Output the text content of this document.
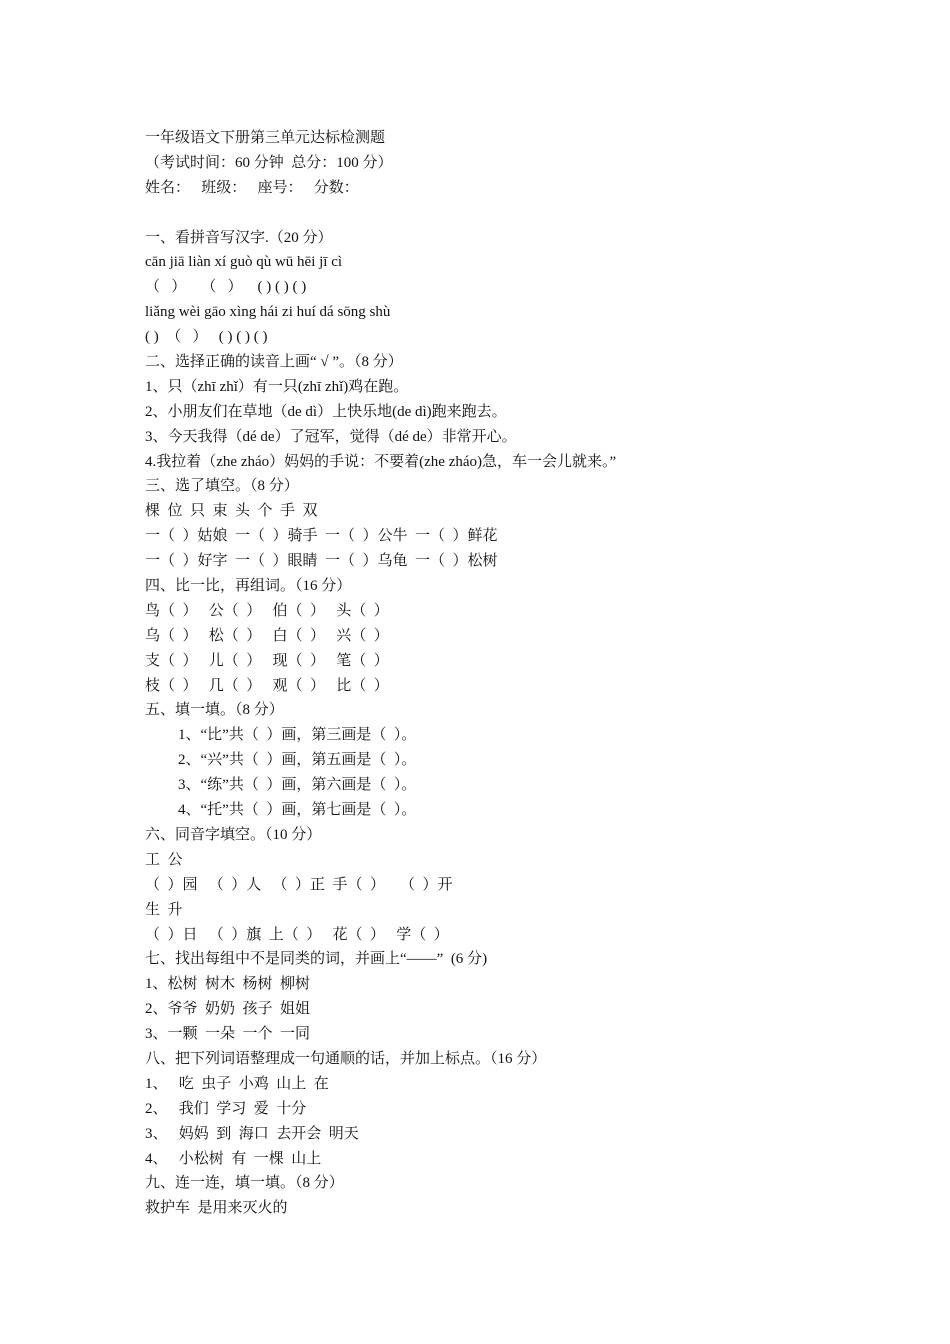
一年级语文下册第三单元达标检测题
（考试时间：60 分钟  总分：100 分）
姓名：   班级：   座号：   分数：
一、看拼音写汉字.（20 分）
cān jiā liàn xí guò qù wū hēi jī cì
（   ）    （   ）    ( ) ( ) ( )
liǎng wèi gāo xìng hái zi huí dá sōng shù
( )  （   ）   ( ) ( ) ( )
二、选择正确的读音上画“ √ ”。（8 分）
1、只（zhī zhǐ）有一只(zhī zhǐ)鸡在跑。
2、小朋友们在草地（de dì）上快乐地(de dì)跑来跑去。
3、今天我得（dé de）了冠军，觉得（dé de）非常开心。
4.我拉着（zhe zháo）妈妈的手说：不要着(zhe zháo)急，车一会儿就来。”
三、选了填空。（8 分）
棵  位  只  束  头  个  手  双
一（  ）姑娘  一（  ）骑手  一（  ）公牛  一（  ）鲜花
一（  ）好字  一（  ）眼睛  一（  ）乌龟  一（  ）松树
四、比一比，再组词。（16 分）
鸟（  ）   公（  ）   伯（  ）   头（  ）
乌（  ）   松（  ）   白（  ）   兴（  ）
支（  ）   儿（  ）   现（  ）   笔（  ）
枝（  ）   几（  ）   观（  ）   比（  ）
五、填一填。（8 分）
1、“比”共（  ）画，第三画是（  ）。
2、“兴”共（  ）画，第五画是（  ）。
3、“练”共（  ）画，第六画是（  ）。
4、“托”共（  ）画，第七画是（  ）。
六、同音字填空。（10 分）
工  公
（  ）园   （  ）人   （  ）正  手（  ）    （  ）开
生  升
（  ）日   （  ）旗  上（  ）   花（  ）   学（  ）
七、找出每组中不是同类的词，并画上“——”  (6 分)
1、松树  树木  杨树  柳树
2、爷爷  奶奶  孩子  姐姐
3、一颗  一朵  一个  一同
八、把下列词语整理成一句通顺的话，并加上标点。（16 分）
1、   吃  虫子  小鸡  山上  在
2、   我们  学习  爱  十分
3、   妈妈  到  海口  去开会  明天
4、   小松树  有  一棵  山上
九、连一连，填一填。（8 分）
救护车  是用来灭火的
